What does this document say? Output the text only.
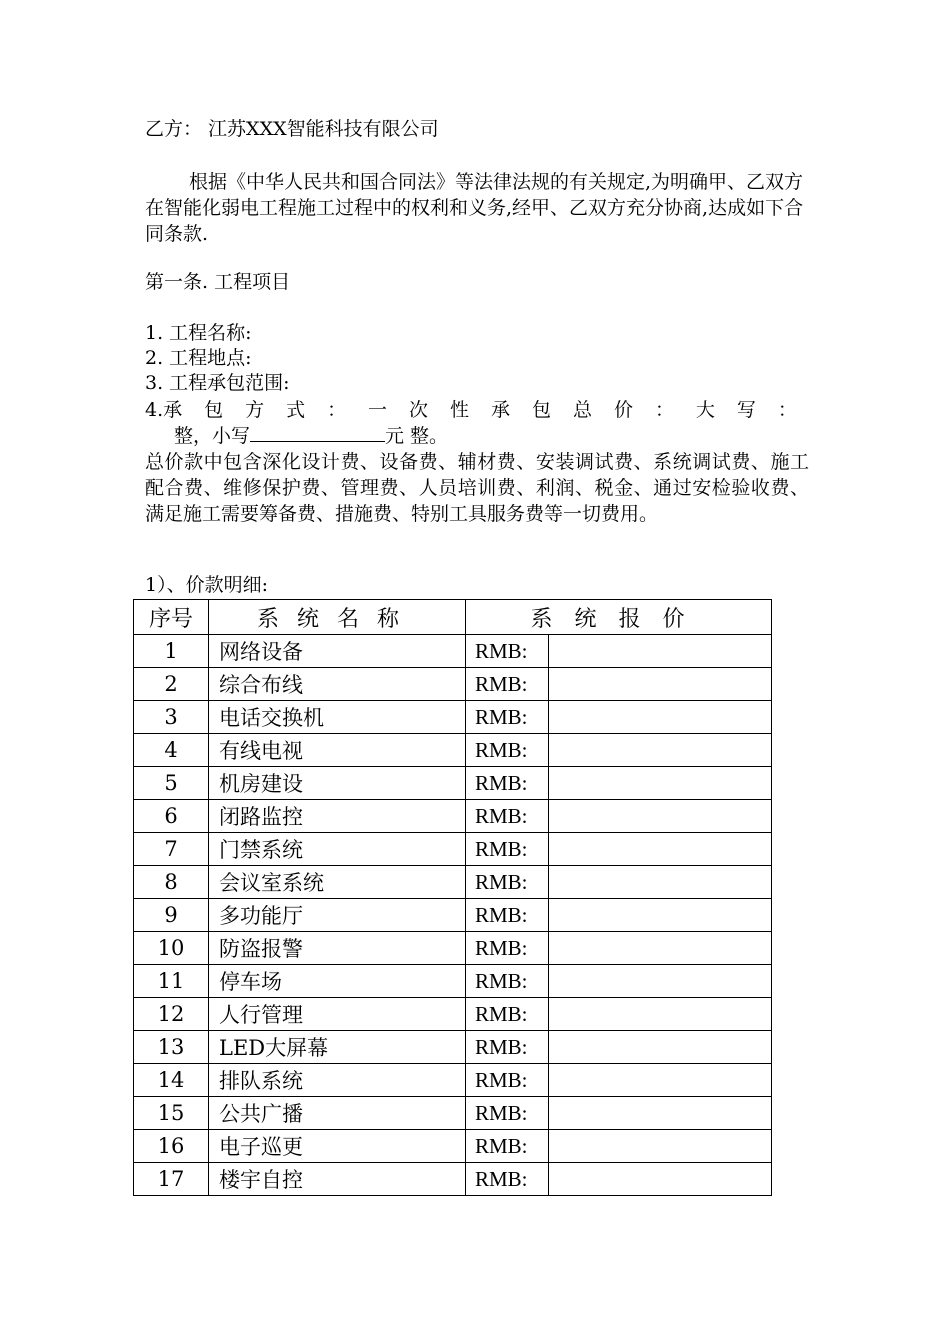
乙方： 江苏XXX智能科技有限公司
根据《中华人民共和国合同法》等法律法规的有关规定,为明确甲、乙双方在智能化弱电工程施工过程中的权利和义务,经甲、乙双方充分协商,达成如下合同条款.
第一条. 工程项目
1. 工程名称:
2. 工程地点:
3. 工程承包范围:
4.承 包 方 式 ： 一 次 性 承 包 总 价 ： 大 写 ：
整，小写	元 整。
总价款中包含深化设计费、设备费、辅材费、安装调试费、系统调试费、施工配合费、维修保护费、管理费、人员培训费、利润、税金、通过安检验收费、满足施工需要筹备费、措施费、特别工具服务费等一切费用。
1）、价款明细:
序号	系统名称	系统报价	
1	网络设备	RMB:	
2	综合布线	RMB:	
3	电话交换机	RMB:	
4	有线电视	RMB:	
5	机房建设	RMB:	
6	闭路监控	RMB:	
7	门禁系统	RMB:	
8	会议室系统	RMB:	
9	多功能厅	RMB:	
10	防盗报警	RMB:	
11	停车场	RMB:	
12	人行管理	RMB:	
13	LED大屏幕	RMB:	
14	排队系统	RMB:	
15	公共广播	RMB:	
16	电子巡更	RMB:	
17	楼宇自控	RMB:	
